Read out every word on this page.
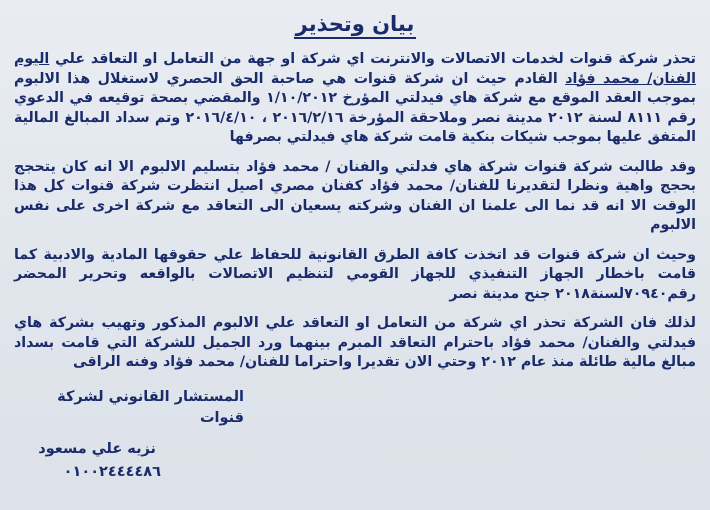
بيان وتحذير

تحذر شركة قنوات لخدمات الاتصالات والانترنت اي شركة او جهة من التعامل او التعاقد علي اليوم الفنان/ محمد فؤاد القادم حيث ان شركة قنوات هي صاحبة الحق الحصري لاستغلال هذا الالبوم بموجب العقد الموقع مع شركة هاي فيدلتي المؤرخ ١/١٠/٢٠١٢ والمقضي بصحة توقيعه في الدعوي رقم ٨١١١ لسنة ٢٠١٢ مدينة نصر وملاحقة المؤرخة ٢٠١٦/٢/١٦ ، ٢٠١٦/٤/١٠ وتم سداد المبالغ المالية المتفق عليها بموجب شيكات بنكية قامت شركة هاي فيدلتي بصرفها

وقد طالبت شركة قنوات شركة هاي فدلتي والفنان / محمد فؤاد بتسليم الالبوم الا انه كان يتحجج بحجج واهية ونظرا لتقديرنا للفنان/ محمد فؤاد كفنان مصري اصيل انتظرت شركة قنوات كل هذا الوقت الا انه قد نما الى علمنا ان الفنان وشركته يسعيان الى التعاقد مع شركة اخرى على نفس الالبوم

وحيث ان شركة قنوات قد اتخذت كافة الطرق القانونية للحفاظ علي حقوقها المادية والادبية كما قامت باخطار الجهاز التنفيذي للجهاز القومي لتنظيم الاتصالات بالواقعه وتحرير المحضر رقم٧٠٩٤٠لسنة٢٠١٨ جنح مدينة نصر

لذلك فان الشركة تحذر اي شركة من التعامل او التعاقد علي الالبوم المذكور وتهيب بشركة هاي فيدلتي والفنان/ محمد فؤاد باحترام التعاقد المبرم بينهما ورد الجميل للشركة التي قامت بسداد مبالغ مالية طائلة منذ عام ٢٠١٢ وحتي الان تقديرا واحتراما للفنان/ محمد فؤاد وفنه الراقى

المستشار القانوني لشركة قنوات
نزيه علي مسعود
٠١٠٠٢٤٤٤٤٨٦
